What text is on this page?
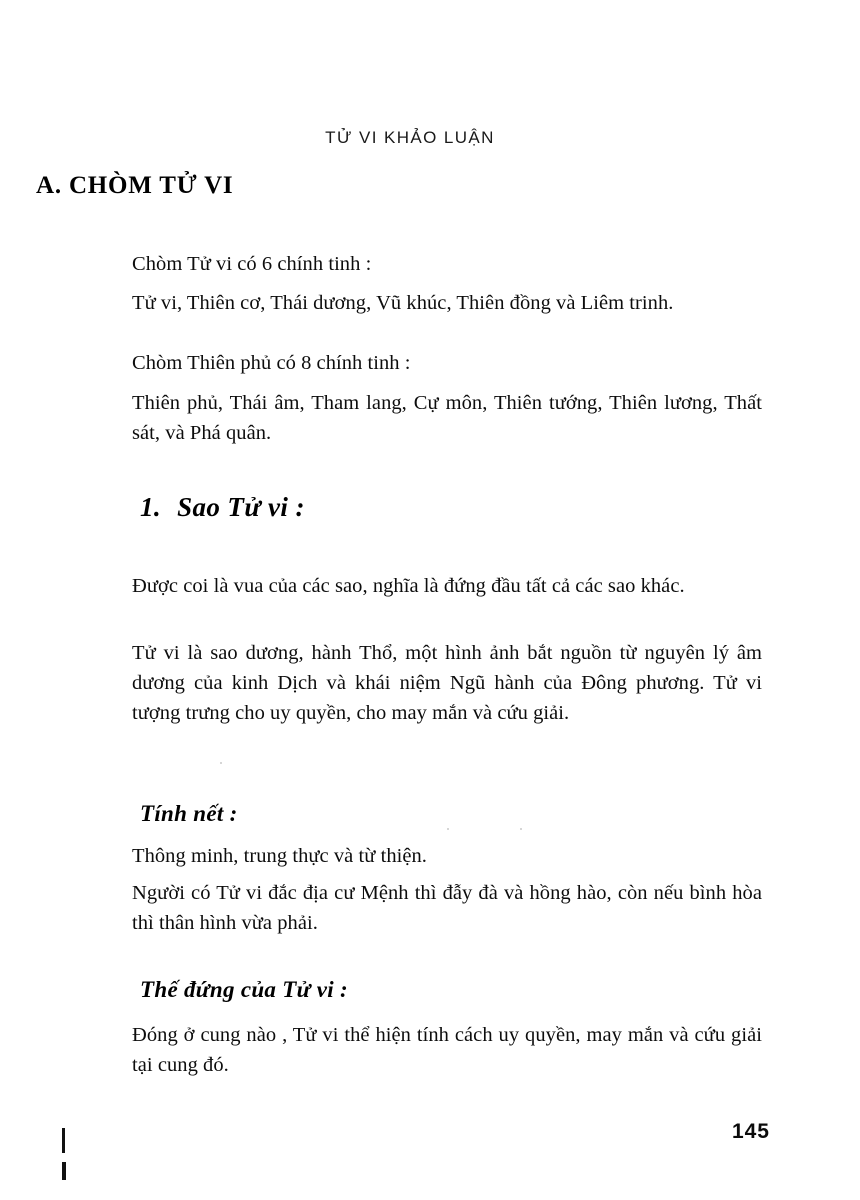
TỬ VI KHẢO LUẬN
A. CHÒM TỬ VI
Chòm Tử vi có 6 chính tinh :
Tử vi, Thiên cơ, Thái dương, Vũ khúc, Thiên đồng và Liêm trinh.
Chòm Thiên phủ có 8 chính tinh :
Thiên phủ, Thái âm, Tham lang, Cự môn, Thiên tướng, Thiên lương, Thất sát, và Phá quân.
1. Sao Tử vi :
Được coi là vua của các sao, nghĩa là đứng đầu tất cả các sao khác.
Tử vi là sao dương, hành Thổ, một hình ảnh bắt nguồn từ nguyên lý âm dương của kinh Dịch và khái niệm Ngũ hành của Đông phương. Tử vi tượng trưng cho uy quyền, cho may mắn và cứu giải.
Tính nết :
Thông minh, trung thực và từ thiện.
Người có Tử vi đắc địa cư Mệnh thì đẫy đà và hồng hào, còn nếu bình hòa thì thân hình vừa phải.
Thế đứng của Tử vi :
Đóng ở cung nào , Tử vi thể hiện tính cách uy quyền, may mắn và cứu giải tại cung đó.
145
